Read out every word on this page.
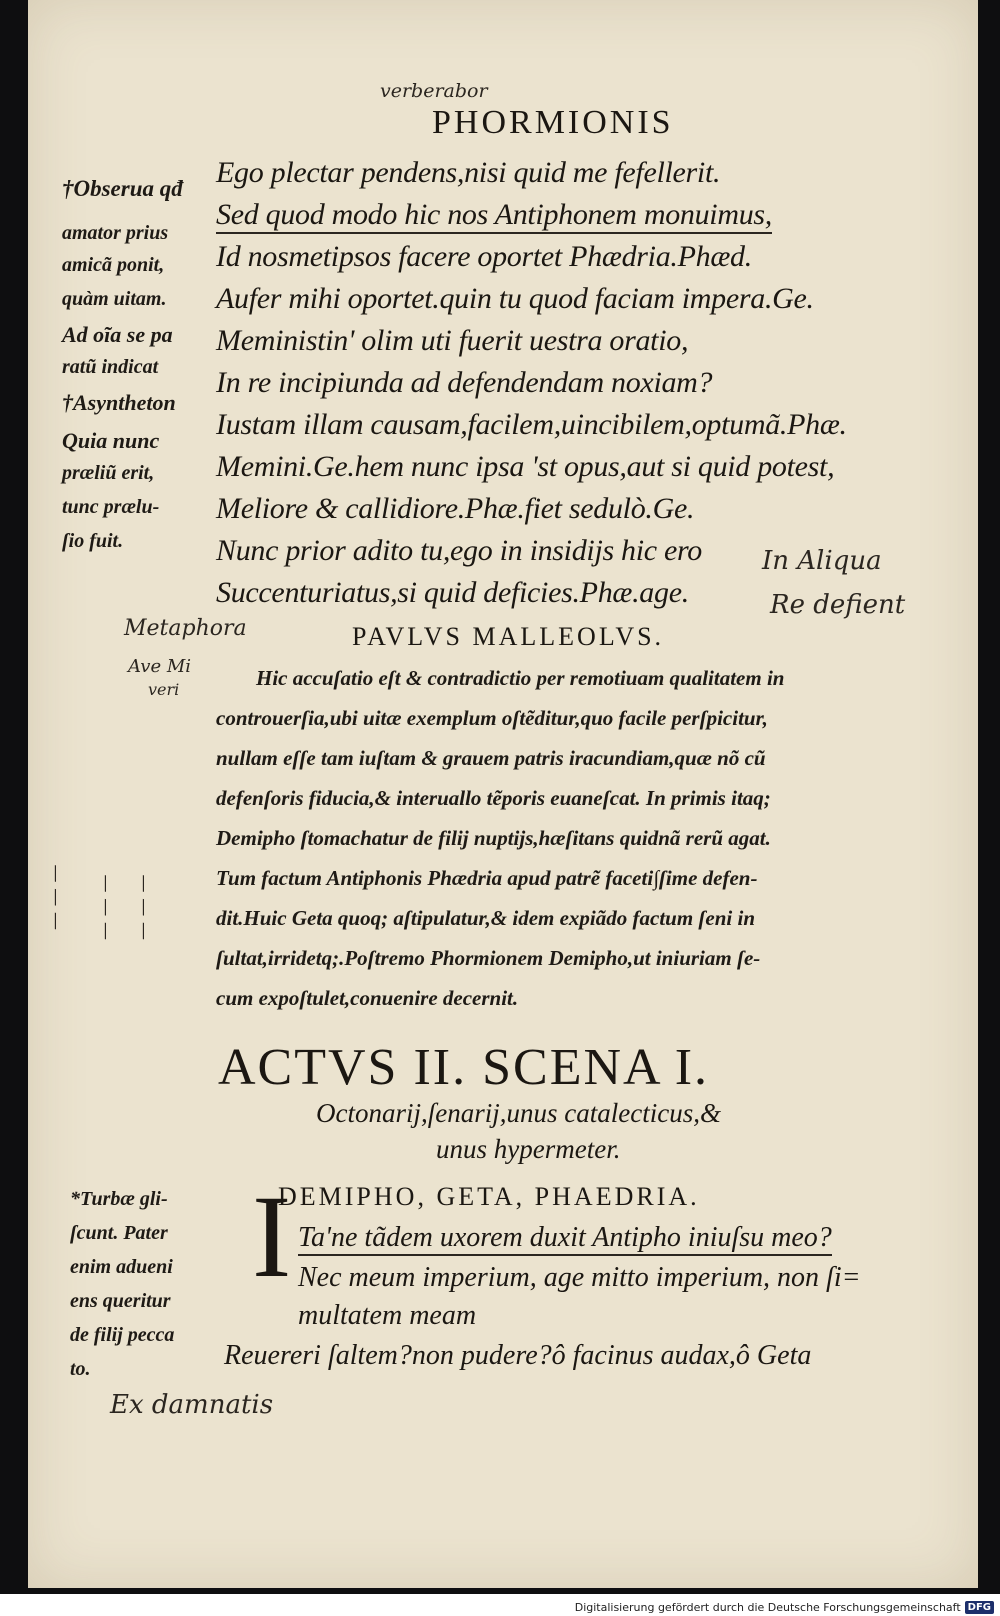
verberabor
PHORMIONIS
Ego plectar pendens,nisi quid me fefellerit.
Sed quod modo hic nos Antiphonem monuimus,
Id nosmetipsos facere oportet Phædria.Phæd.
Aufer mihi oportet.quin tu quod faciam impera.Ge.
Meministin' olim uti fuerit uestra oratio,
In re incipiunda ad defendendam noxiam?
Iustam illam causam,facilem,uincibilem,optumã.Phæ.
Memini.Ge.hem nunc ipsa 'st opus,aut si quid potest,
Meliore & callidiore.Phæ.fiet sedulò.Ge.
Nunc prior adito tu,ego in insidijs hic ero
Succenturiatus,si quid deficies.Phæ.age.
†Obserua qđ
amator prius
amicã ponit,
quàm uitam.
Ad oĩa se pa
ratũ indicat
†Asyntheton
Quia nunc
præliũ erit,
tunc prælu-
ſio fuit.
In Aliqua
Re defient
— — — — — — — — —
Metaphora
Ave Mi
veri
PAVLVS MALLEOLVS.
Hic accuſatio eſt & contradictio per remotiuam qualitatem in
controuerſia,ubi uitæ exemplum oſtẽditur,quo facile perſpicitur,
nullam eſſe tam iuſtam & grauem patris iracundiam,quæ nõ cũ
defenſoris fiducia,& interuallo tẽporis euaneſcat. In primis itaq;
Demipho ſtomachatur de filij nuptijs,hæſitans quidnã rerũ agat.
Tum factum Antiphonis Phædria apud patrẽ faceti∫ſime defen-
dit.Huic Geta quoq; aſtipulatur,& idem expiãdo factum ſeni in
ſultat,irridetq;.Poſtremo Phormionem Demipho,ut iniuriam ſe-
cum expoſtulet,conuenire decernit.
ACTVS II. SCENA I.
Octonarij,ſenarij,unus catalecticus,&
unus hypermeter.
DEMIPHO, GETA, PHAEDRIA.
I Ta'ne tãdem uxorem duxit Antipho iniuſsu meo?
Nec meum imperium, age mitto imperium, non ſi=
multatem meam
Reuereri ſaltem?non pudere?ô facinus audax,ô Geta
*Turbæ gli-
ſcunt. Pater
enim adueni
ens queritur
de filij pecca
to.
Ex damnatis
Digitalisierung gefördert durch die Deutsche Forschungsgemeinschaft DFG
